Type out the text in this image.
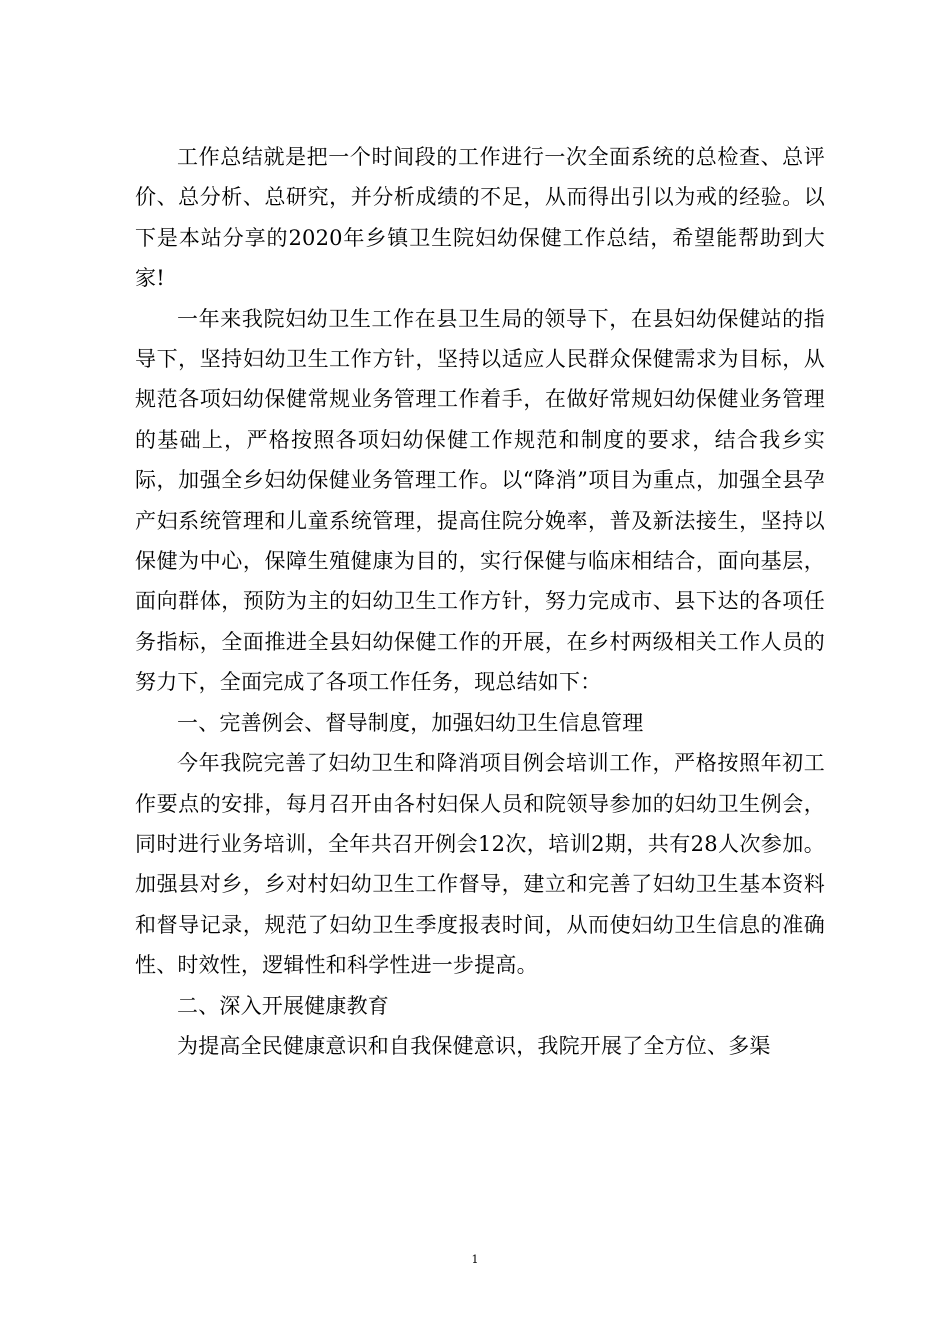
工作总结就是把一个时间段的工作进行一次全面系统的总检查、总评价、总分析、总研究，并分析成绩的不足，从而得出引以为戒的经验。以下是本站分享的2020年乡镇卫生院妇幼保健工作总结，希望能帮助到大家!

一年来我院妇幼卫生工作在县卫生局的领导下，在县妇幼保健站的指导下，坚持妇幼卫生工作方针，坚持以适应人民群众保健需求为目标，从规范各项妇幼保健常规业务管理工作着手，在做好常规妇幼保健业务管理的基础上，严格按照各项妇幼保健工作规范和制度的要求，结合我乡实际，加强全乡妇幼保健业务管理工作。以“降消”项目为重点，加强全县孕产妇系统管理和儿童系统管理，提高住院分娩率，普及新法接生，坚持以保健为中心，保障生殖健康为目的，实行保健与临床相结合，面向基层，面向群体，预防为主的妇幼卫生工作方针，努力完成市、县下达的各项任务指标，全面推进全县妇幼保健工作的开展，在乡村两级相关工作人员的努力下，全面完成了各项工作任务，现总结如下：

一、完善例会、督导制度，加强妇幼卫生信息管理

今年我院完善了妇幼卫生和降消项目例会培训工作，严格按照年初工作要点的安排，每月召开由各村妇保人员和院领导参加的妇幼卫生例会，同时进行业务培训，全年共召开例会12次，培训2期，共有28人次参加。加强县对乡，乡对村妇幼卫生工作督导，建立和完善了妇幼卫生基本资料和督导记录，规范了妇幼卫生季度报表时间，从而使妇幼卫生信息的准确性、时效性，逻辑性和科学性进一步提高。

二、深入开展健康教育

为提高全民健康意识和自我保健意识，我院开展了全方位、多渠

1
